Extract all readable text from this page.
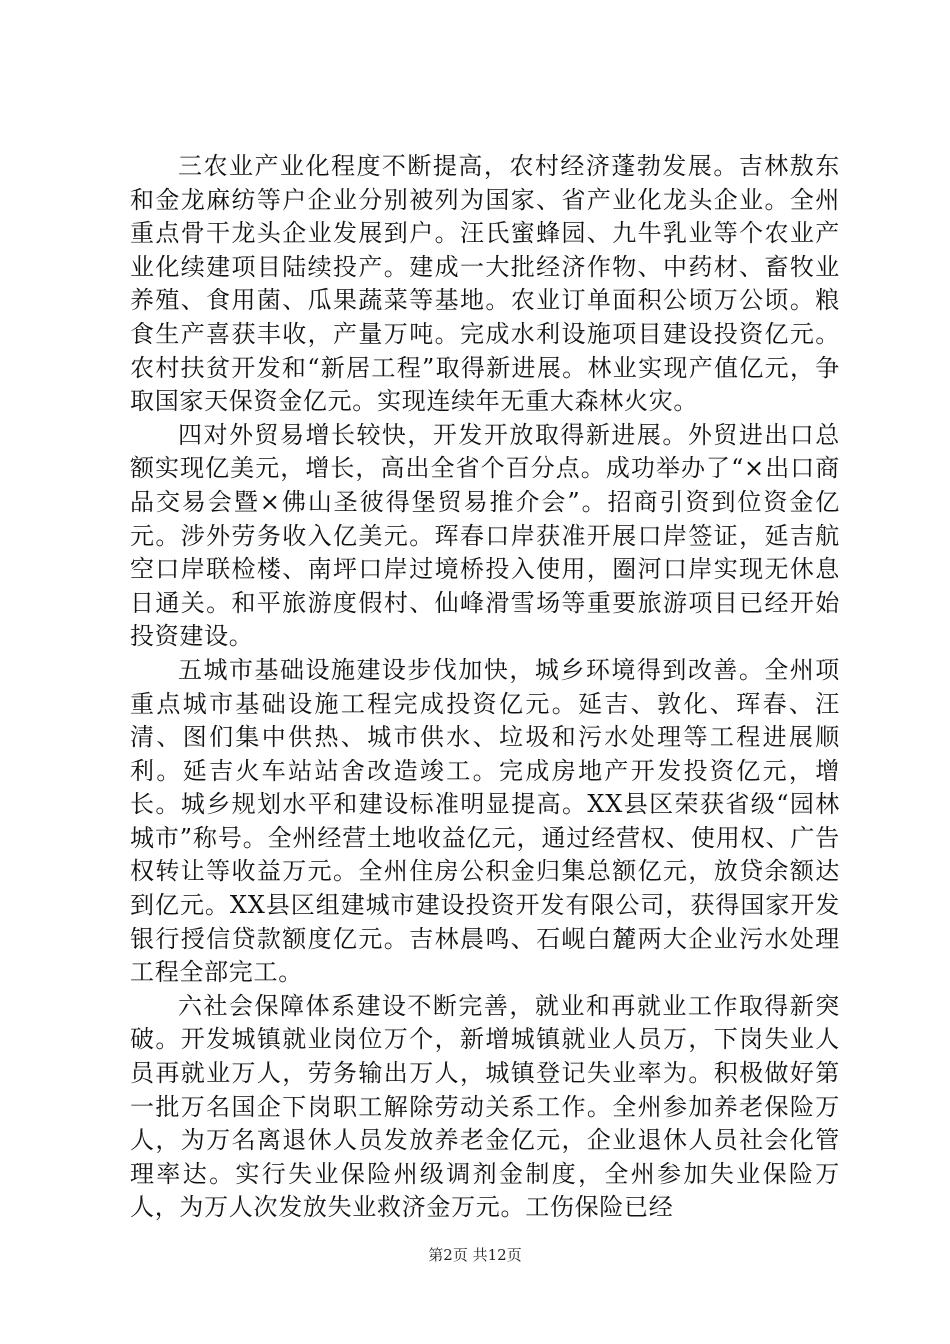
三农业产业化程度不断提高，农村经济蓬勃发展。吉林敖东和金龙麻纺等户企业分别被列为国家、省产业化龙头企业。全州重点骨干龙头企业发展到户。汪氏蜜蜂园、九牛乳业等个农业产业化续建项目陆续投产。建成一大批经济作物、中药材、畜牧业养殖、食用菌、瓜果蔬菜等基地。农业订单面积公顷万公顷。粮食生产喜获丰收，产量万吨。完成水利设施项目建设投资亿元。农村扶贫开发和“新居工程”取得新进展。林业实现产值亿元，争取国家天保资金亿元。实现连续年无重大森林火灾。

四对外贸易增长较快，开发开放取得新进展。外贸进出口总额实现亿美元，增长，高出全省个百分点。成功举办了“×出口商品交易会暨×佛山圣彼得堡贸易推介会”。招商引资到位资金亿元。涉外劳务收入亿美元。珲春口岸获准开展口岸签证，延吉航空口岸联检楼、南坪口岸过境桥投入使用，圈河口岸实现无休息日通关。和平旅游度假村、仙峰滑雪场等重要旅游项目已经开始投资建设。

五城市基础设施建设步伐加快，城乡环境得到改善。全州项重点城市基础设施工程完成投资亿元。延吉、敦化、珲春、汪清、图们集中供热、城市供水、垃圾和污水处理等工程进展顺利。延吉火车站站舍改造竣工。完成房地产开发投资亿元，增长。城乡规划水平和建设标准明显提高。XX县区荣获省级“园林城市”称号。全州经营土地收益亿元，通过经营权、使用权、广告权转让等收益万元。全州住房公积金归集总额亿元，放贷余额达到亿元。XX县区组建城市建设投资开发有限公司，获得国家开发银行授信贷款额度亿元。吉林晨鸣、石岘白麓两大企业污水处理工程全部完工。

六社会保障体系建设不断完善，就业和再就业工作取得新突破。开发城镇就业岗位万个，新增城镇就业人员万，下岗失业人员再就业万人，劳务输出万人，城镇登记失业率为。积极做好第一批万名国企下岗职工解除劳动关系工作。全州参加养老保险万人，为万名离退休人员发放养老金亿元，企业退休人员社会化管理率达。实行失业保险州级调剂金制度，全州参加失业保险万人，为万人次发放失业救济金万元。工伤保险已经

第2页 共12页
